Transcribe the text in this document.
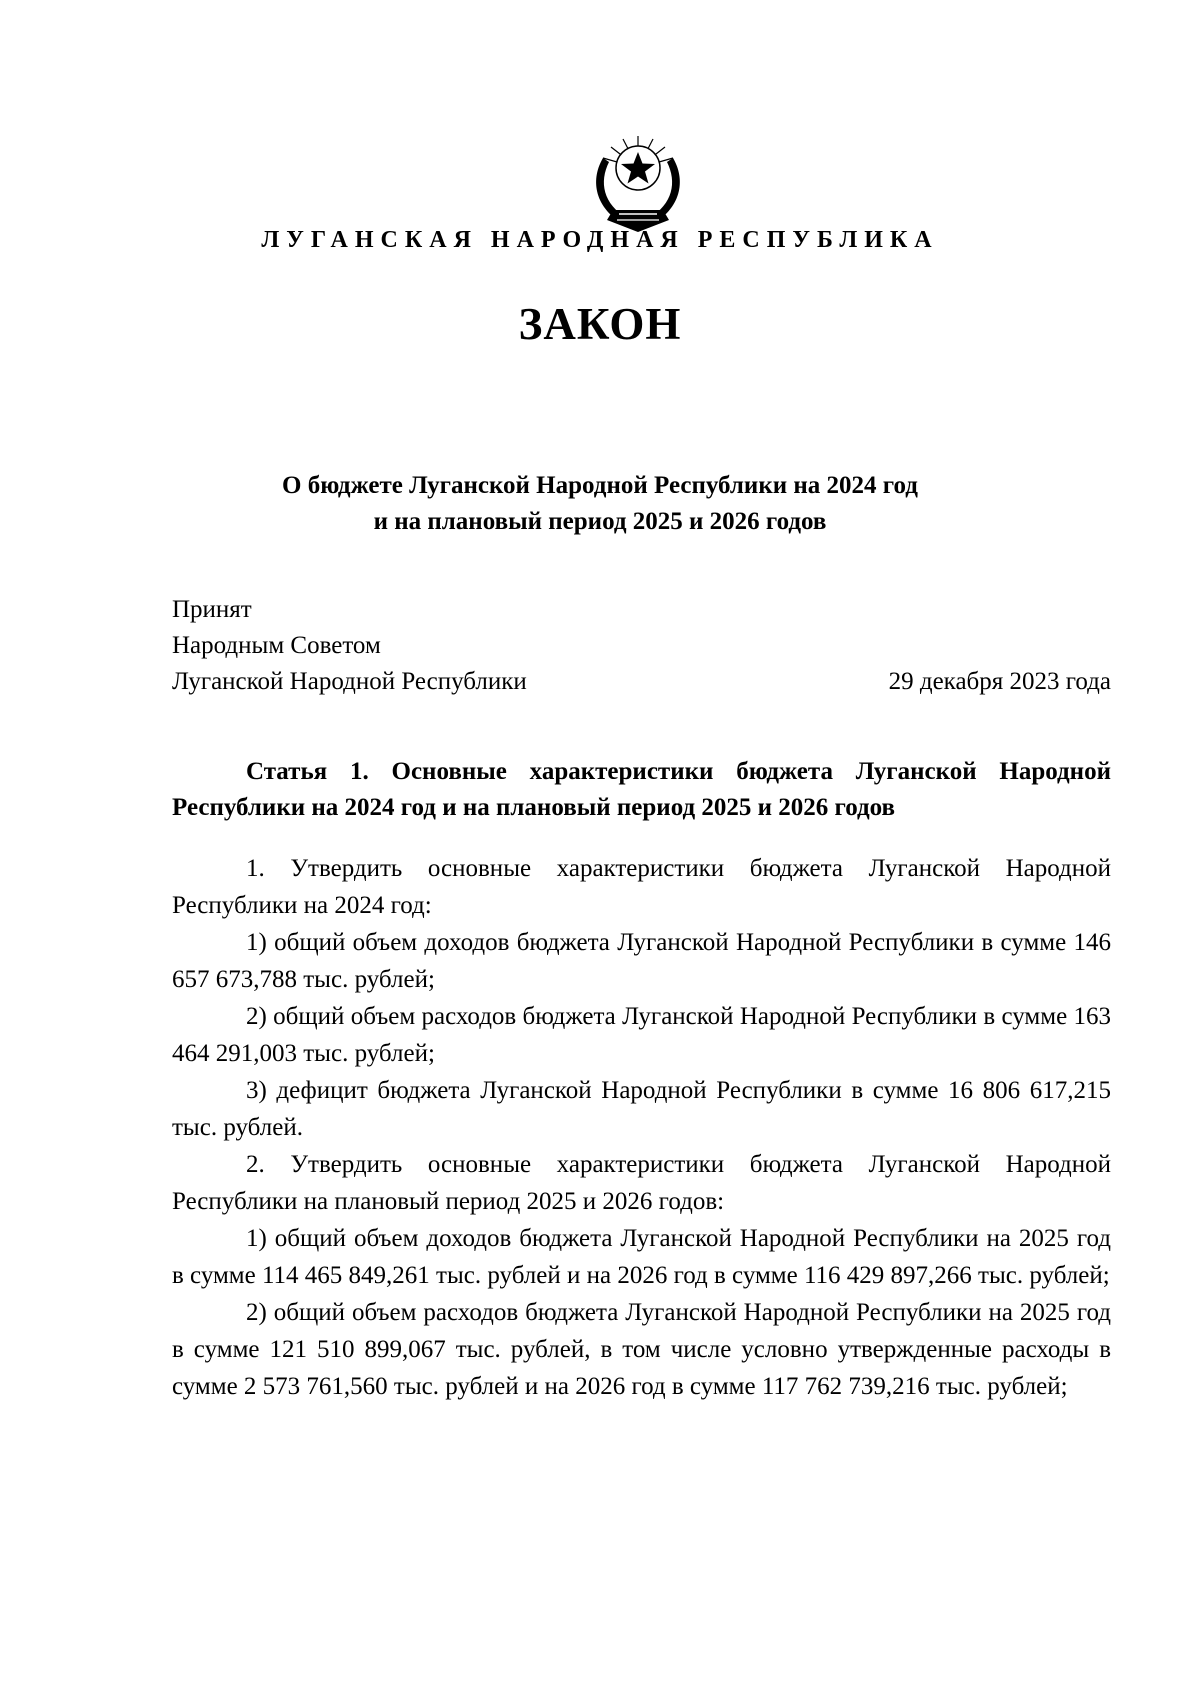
ЛУГАНСКАЯ НАРОДНАЯ РЕСПУБЛИКА
ЗАКОН
О бюджете Луганской Народной Республики на 2024 год
и на плановый период 2025 и 2026 годов
Принят
Народным Советом
Луганской Народной Республики	29 декабря 2023 года
Статья 1. Основные характеристики бюджета Луганской Народной Республики на 2024 год и на плановый период 2025 и 2026 годов

1. Утвердить основные характеристики бюджета Луганской Народной Республики на 2024 год:

1) общий объем доходов бюджета Луганской Народной Республики в сумме 146 657 673,788 тыс. рублей;

2) общий объем расходов бюджета Луганской Народной Республики в сумме 163 464 291,003 тыс. рублей;

3) дефицит бюджета Луганской Народной Республики в сумме 16 806 617,215 тыс. рублей.

2. Утвердить основные характеристики бюджета Луганской Народной Республики на плановый период 2025 и 2026 годов:

1) общий объем доходов бюджета Луганской Народной Республики на 2025 год в сумме 114 465 849,261 тыс. рублей и на 2026 год в сумме 116 429 897,266 тыс. рублей;

2) общий объем расходов бюджета Луганской Народной Республики на 2025 год в сумме 121 510 899,067 тыс. рублей, в том числе условно утвержденные расходы в сумме 2 573 761,560 тыс. рублей и на 2026 год в сумме 117 762 739,216 тыс. рублей;
